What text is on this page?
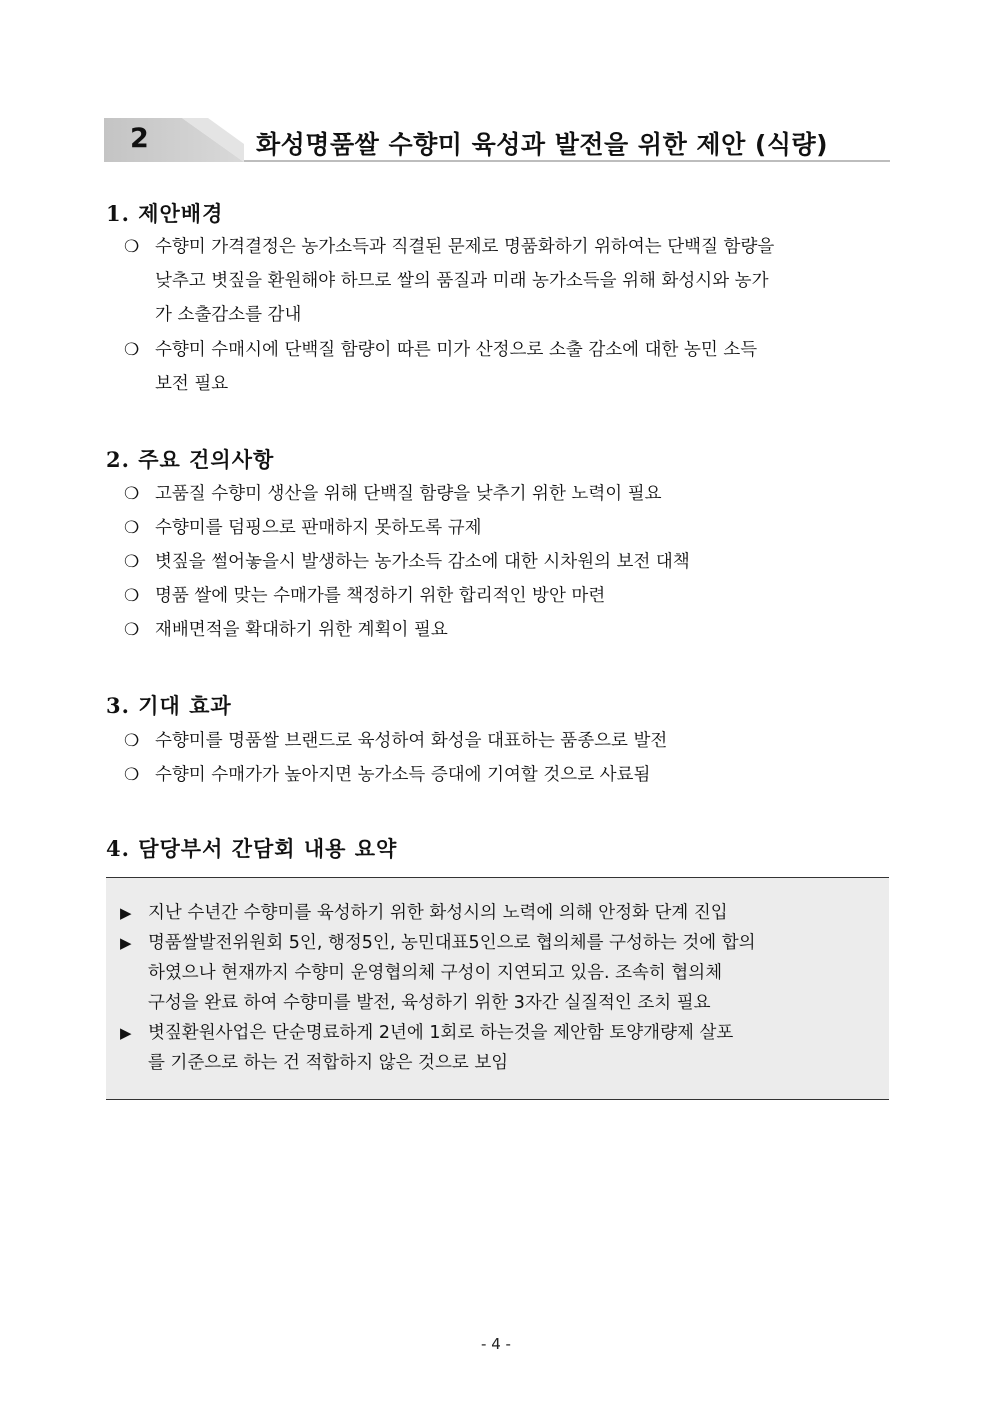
2	화성명품쌀 수향미 육성과 발전을 위한 제안 (식량)
1. 제안배경
❍ 수향미 가격결정은 농가소득과 직결된 문제로 명품화하기 위하여는 단백질 함량을
낮추고 볏짚을 환원해야 하므로 쌀의 품질과 미래 농가소득을 위해 화성시와 농가
가 소출감소를 감내
❍ 수향미 수매시에 단백질 함량이 따른 미가 산정으로 소출 감소에 대한 농민 소득
보전 필요
2. 주요 건의사항
❍ 고품질 수향미 생산을 위해 단백질 함량을 낮추기 위한 노력이 필요
❍ 수향미를 덤핑으로 판매하지 못하도록 규제
❍ 볏짚을 썰어놓을시 발생하는 농가소득 감소에 대한 시차원의 보전 대책
❍ 명품 쌀에 맞는 수매가를 책정하기 위한 합리적인 방안 마련
❍ 재배면적을 확대하기 위한 계획이 필요
3. 기대 효과
❍ 수향미를 명품쌀 브랜드로 육성하여 화성을 대표하는 품종으로 발전
❍ 수향미 수매가가 높아지면 농가소득 증대에 기여할 것으로 사료됨
4. 담당부서 간담회 내용 요약
▶ 지난 수년간 수향미를 육성하기 위한 화성시의 노력에 의해 안정화 단계 진입
▶ 명품쌀발전위원회 5인, 행정5인, 농민대표5인으로 협의체를 구성하는 것에 합의
하였으나 현재까지 수향미 운영협의체 구성이 지연되고 있음. 조속히 협의체
구성을 완료 하여 수향미를 발전, 육성하기 위한 3자간 실질적인 조치 필요
▶ 볏짚환원사업은 단순명료하게 2년에 1회로 하는것을 제안함 토양개량제 살포
를 기준으로 하는 건 적합하지 않은 것으로 보임
- 4 -
